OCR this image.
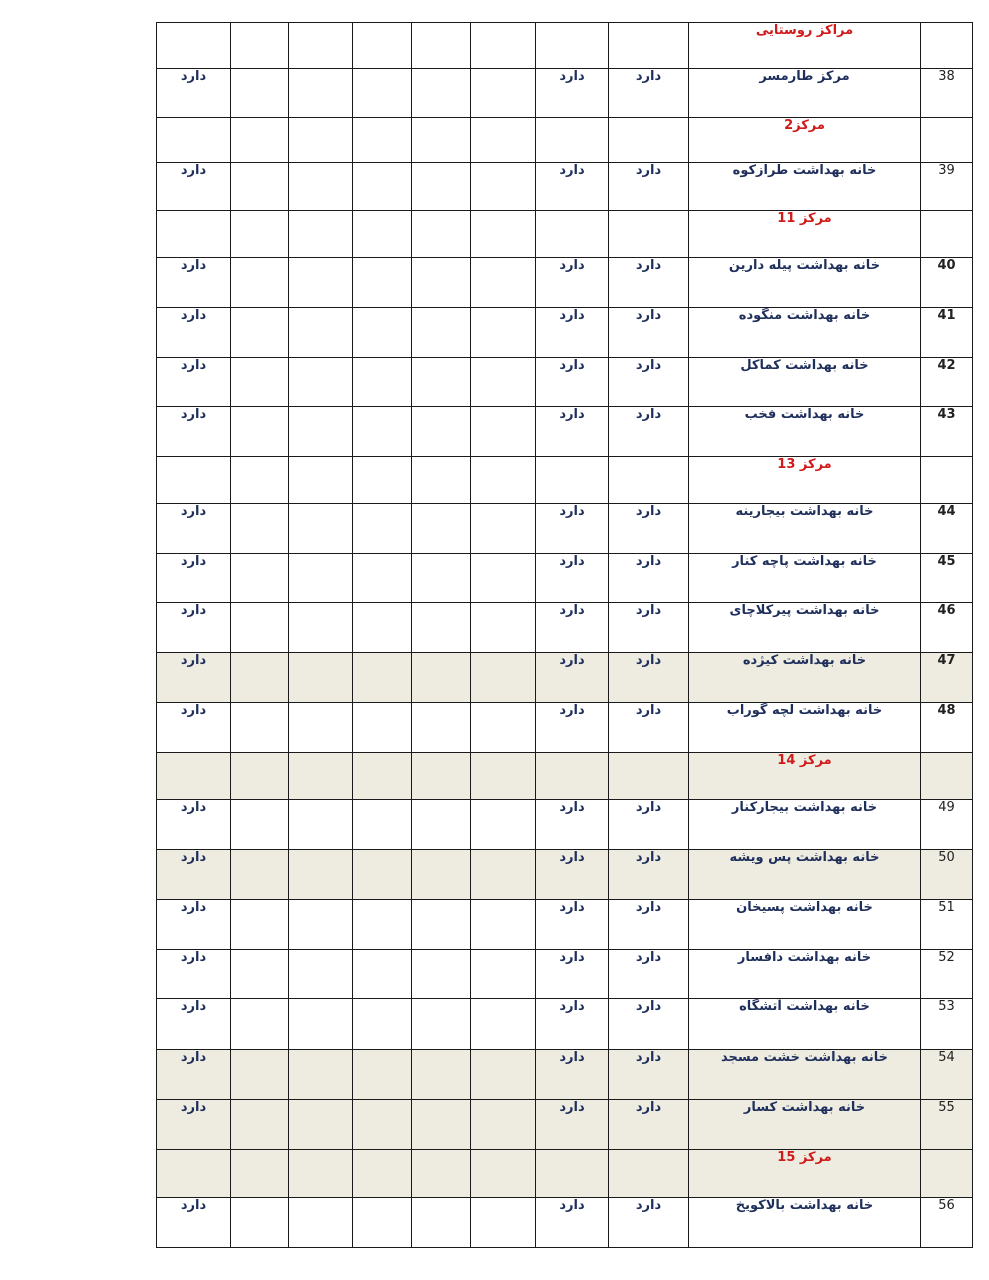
								مراکز روستایی	
دارد						دارد	دارد	مرکز طارمسر	38
								مرکز2	
دارد						دارد	دارد	خانه بهداشت طرازکوه	39
								مرکز 11	
دارد						دارد	دارد	خانه بهداشت پیله دارین	40
دارد						دارد	دارد	خانه بهداشت منگوده	41
دارد						دارد	دارد	خانه بهداشت کماکل	42
دارد						دارد	دارد	خانه بهداشت فخب	43
								مرکز 13	
دارد						دارد	دارد	خانه بهداشت بیجارینه	44
دارد						دارد	دارد	خانه بهداشت پاچه کنار	45
دارد						دارد	دارد	خانه بهداشت پیرکلاچای	46
دارد						دارد	دارد	خانه بهداشت کیژده	47
دارد						دارد	دارد	خانه بهداشت لچه گوراب	48
								مرکز 14	
دارد						دارد	دارد	خانه بهداشت بیجارکنار	49
دارد						دارد	دارد	خانه بهداشت پس ویشه	50
دارد						دارد	دارد	خانه بهداشت پسیخان	51
دارد						دارد	دارد	خانه بهداشت دافسار	52
دارد						دارد	دارد	خانه بهداشت آتشگاه	53
دارد						دارد	دارد	خانه بهداشت خشت مسجد	54
دارد						دارد	دارد	خانه بهداشت کسار	55
								مرکز 15	
دارد						دارد	دارد	خانه بهداشت بالاکویخ	56
